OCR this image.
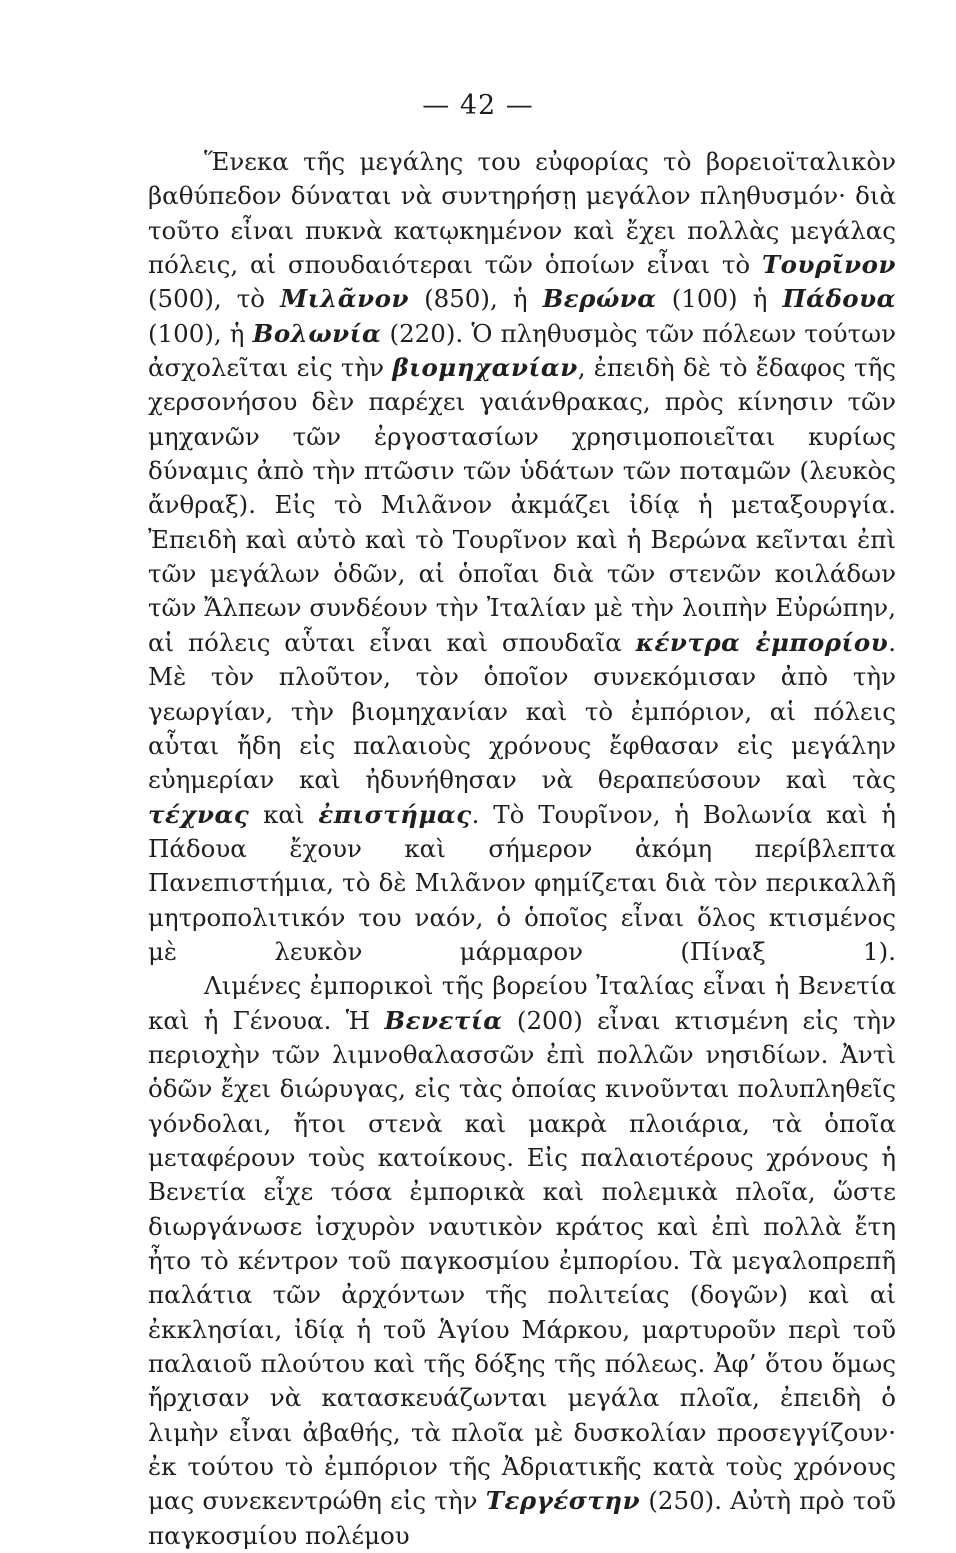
— 42 —

Ἕνεκα τῆς μεγάλης του εὐφορίας τὸ βορειοϊταλικὸν βαθύπεδον δύναται νὰ συντηρήσῃ μεγάλον πληθυσμόν· διὰ τοῦτο εἶναι πυκνὰ κατῳκημένον καὶ ἔχει πολλὰς μεγάλας πόλεις, αἱ σπουδαιότεραι τῶν ὁποίων εἶναι τὸ Τουρῖνον (500), τὸ Μιλᾶνον (850), ἡ Βερώνα (100) ἡ Πάδουα (100), ἡ Βολωνία (220). Ὁ πληθυσμὸς τῶν πόλεων τούτων ἀσχολεῖται εἰς τὴν βιομηχανίαν, ἐπειδὴ δὲ τὸ ἔδαφος τῆς χερσονήσου δὲν παρέχει γαιάνθρακας, πρὸς κίνησιν τῶν μηχανῶν τῶν ἐργοστασίων χρησιμοποιεῖται κυρίως δύναμις ἀπὸ τὴν πτῶσιν τῶν ὑδάτων τῶν ποταμῶν (λευκὸς ἄνθραξ). Εἰς τὸ Μιλᾶνον ἀκμάζει ἰδίᾳ ἡ μεταξουργία. Ἐπειδὴ καὶ αὐτὸ καὶ τὸ Τουρῖνον καὶ ἡ Βερώνα κεῖνται ἐπὶ τῶν μεγάλων ὁδῶν, αἱ ὁποῖαι διὰ τῶν στενῶν κοιλάδων τῶν Ἄλπεων συνδέουν τὴν Ἰταλίαν μὲ τὴν λοιπὴν Εὐρώπην, αἱ πόλεις αὗται εἶναι καὶ σπουδαῖα κέντρα ἐμπορίου. Μὲ τὸν πλοῦτον, τὸν ὁποῖον συνεκόμισαν ἀπὸ τὴν γεωργίαν, τὴν βιομηχανίαν καὶ τὸ ἐμπόριον, αἱ πόλεις αὗται ἤδη εἰς παλαιοὺς χρόνους ἔφθασαν εἰς μεγάλην εὐημερίαν καὶ ἠδυνήθησαν νὰ θεραπεύσουν καὶ τὰς τέχνας καὶ ἐπιστήμας. Τὸ Τουρῖνον, ἡ Βολωνία καὶ ἡ Πάδουα ἔχουν καὶ σήμερον ἀκόμη περίβλεπτα Πανεπιστήμια, τὸ δὲ Μιλᾶνον φημίζεται διὰ τὸν περικαλλῆ μητροπολιτικόν του ναόν, ὁ ὁποῖος εἶναι ὅλος κτισμένος μὲ λευκὸν μάρμαρον (Πίναξ 1).

Λιμένες ἐμπορικοὶ τῆς βορείου Ἰταλίας εἶναι ἡ Βενετία καὶ ἡ Γένουα. Ἡ Βενετία (200) εἶναι κτισμένη εἰς τὴν περιοχὴν τῶν λιμνοθαλασσῶν ἐπὶ πολλῶν νησιδίων. Ἀντὶ ὁδῶν ἔχει διώρυγας, εἰς τὰς ὁποίας κινοῦνται πολυπληθεῖς γόνδολαι, ἤτοι στενὰ καὶ μακρὰ πλοιάρια, τὰ ὁποῖα μεταφέρουν τοὺς κατοίκους. Εἰς παλαιοτέρους χρόνους ἡ Βενετία εἶχε τόσα ἐμπορικὰ καὶ πολεμικὰ πλοῖα, ὥστε διωργάνωσε ἰσχυρὸν ναυτικὸν κράτος καὶ ἐπὶ πολλὰ ἔτη ἦτο τὸ κέντρον τοῦ παγκοσμίου ἐμπορίου. Τὰ μεγαλοπρεπῆ παλάτια τῶν ἀρχόντων τῆς πολιτείας (δογῶν) καὶ αἱ ἐκκλησίαι, ἰδίᾳ ἡ τοῦ Ἁγίου Μάρκου, μαρτυροῦν περὶ τοῦ παλαιοῦ πλούτου καὶ τῆς δόξης τῆς πόλεως. Ἀφ’ ὅτου ὅμως ἤρχισαν νὰ κατασκευάζωνται μεγάλα πλοῖα, ἐπειδὴ ὁ λιμὴν εἶναι ἀβαθής, τὰ πλοῖα μὲ δυσκολίαν προσεγγίζουν· ἐκ τούτου τὸ ἐμπόριον τῆς Ἀδριατικῆς κατὰ τοὺς χρόνους μας συνεκεντρώθη εἰς τὴν Τεργέστην (250). Αὐτὴ πρὸ τοῦ παγκοσμίου πολέμου
